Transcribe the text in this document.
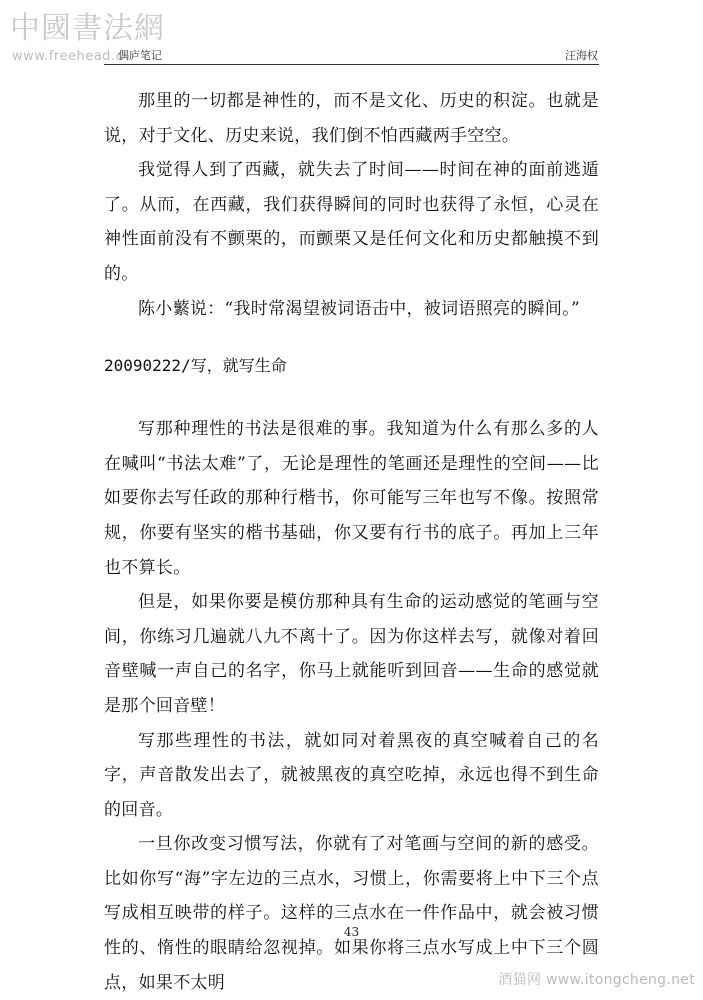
中國書法網
www.freehead.c
偶庐笔记	汪海权

那里的一切都是神性的，而不是文化、历史的积淀。也就是说，对于文化、历史来说，我们倒不怕西藏两手空空。

我觉得人到了西藏，就失去了时间——时间在神的面前逃遁了。从而，在西藏，我们获得瞬间的同时也获得了永恒，心灵在神性面前没有不颤栗的，而颤栗又是任何文化和历史都触摸不到的。

陈小蘩说：“我时常渴望被词语击中，被词语照亮的瞬间。”

20090222/写，就写生命

写那种理性的书法是很难的事。我知道为什么有那么多的人在喊叫“书法太难”了，无论是理性的笔画还是理性的空间——比如要你去写任政的那种行楷书，你可能写三年也写不像。按照常规，你要有坚实的楷书基础，你又要有行书的底子。再加上三年也不算长。

但是，如果你要是模仿那种具有生命的运动感觉的笔画与空间，你练习几遍就八九不离十了。因为你这样去写，就像对着回音壁喊一声自己的名字，你马上就能听到回音——生命的感觉就是那个回音壁！

写那些理性的书法，就如同对着黑夜的真空喊着自己的名字，声音散发出去了，就被黑夜的真空吃掉，永远也得不到生命的回音。

一旦你改变习惯写法，你就有了对笔画与空间的新的感受。比如你写“海”字左边的三点水，习惯上，你需要将上中下三个点写成相互映带的样子。这样的三点水在一件作品中，就会被习惯性的、惰性的眼睛给忽视掉。如果你将三点水写成上中下三个圆点，如果不太明

43
酒猫网 www.itongcheng.net
